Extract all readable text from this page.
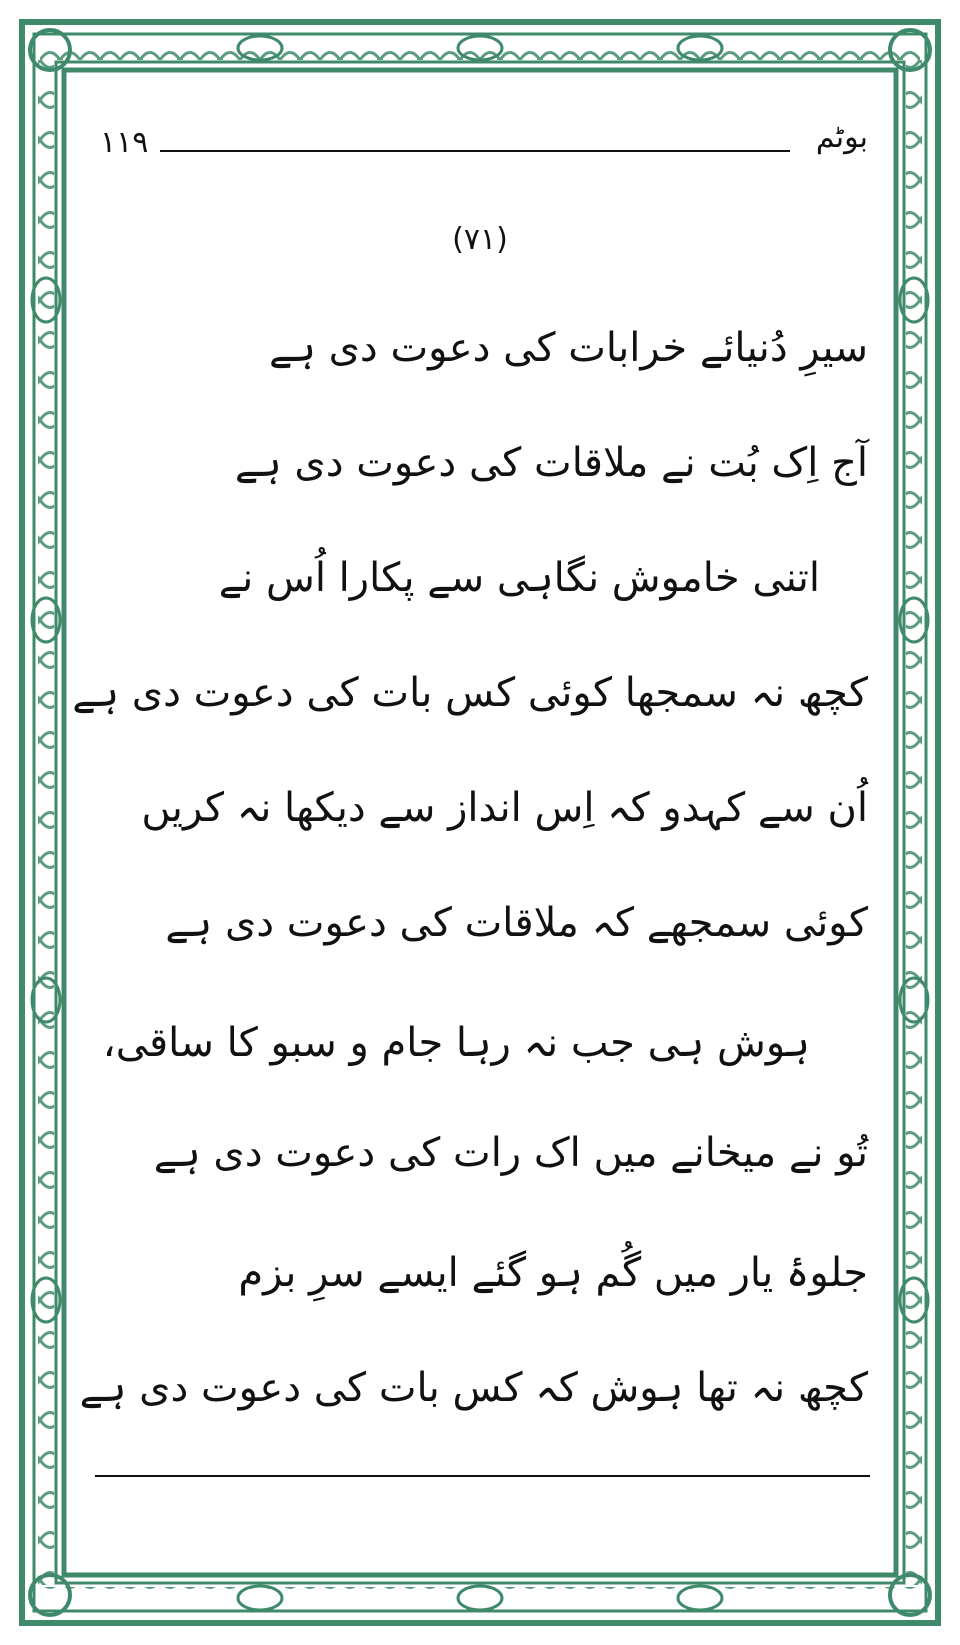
۱۱۹	بوٹم
(۷۱)
سیرِ دُنیائے خرابات کی دعوت دی ہے
آج اِک بُت نے ملاقات کی دعوت دی ہے
اتنی خاموش نگاہی سے پکارا اُس نے
کچھ نہ سمجھا کوئی کس بات کی دعوت دی ہے
اُن سے کہدو کہ اِس انداز سے دیکھا نہ کریں
کوئی سمجھے کہ ملاقات کی دعوت دی ہے
ہوش ہی جب نہ رہا جام و سبو کا ساقی،
تُو نے میخانے میں اک رات کی دعوت دی ہے
جلوۂ یار میں گُم ہو گئے ایسے سرِ بزم
کچھ نہ تھا ہوش کہ کس بات کی دعوت دی ہے
